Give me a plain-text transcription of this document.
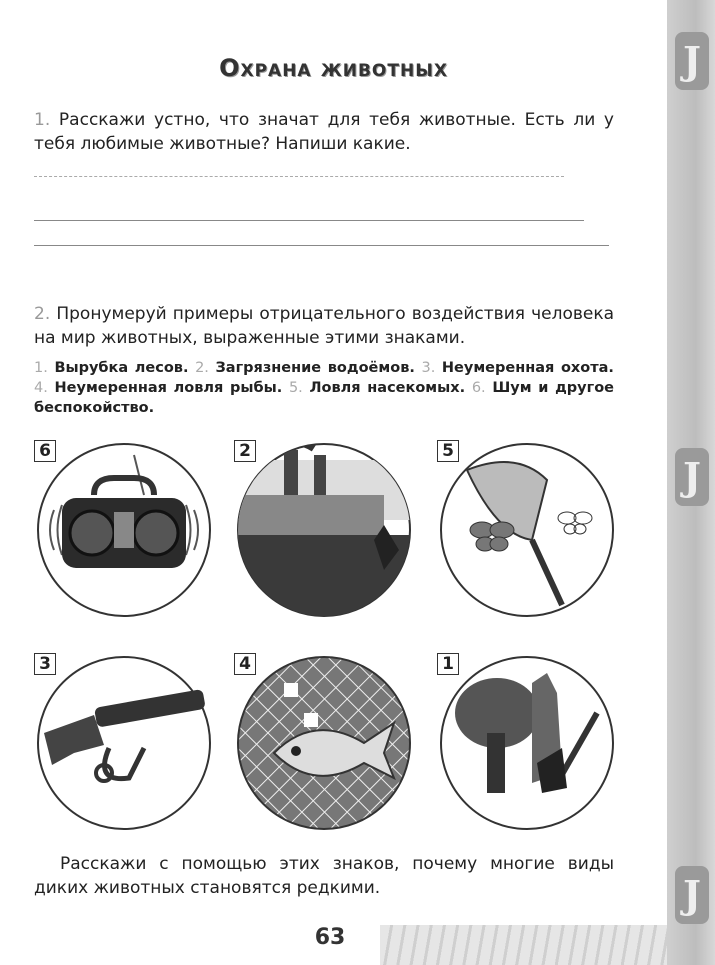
J
J
J
Охрана животных
1. Расскажи устно, что значат для тебя животные. Есть ли у тебя любимые животные? Напиши какие.
2. Пронумеруй примеры отрицательного воздействия человека на мир животных, выраженные этими знаками.
1. Вырубка лесов. 2. Загрязнение водоёмов. 3. Неумеренная охота. 4. Неумеренная ловля рыбы. 5. Ловля насекомых. 6. Шум и другое беспокойство.
6	2	5
3	4	1
Расскажи с помощью этих знаков, почему многие виды диких животных становятся редкими.
63
